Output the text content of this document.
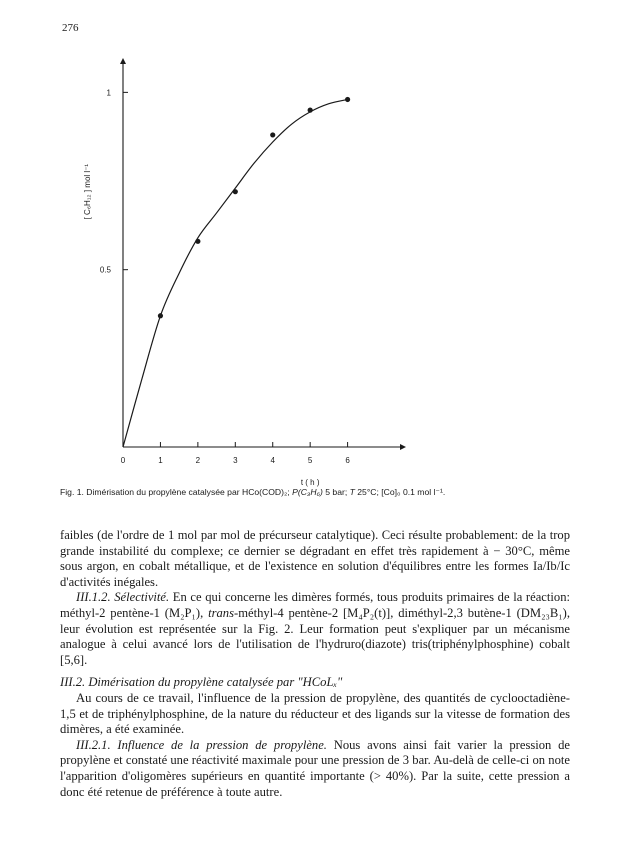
276
0	1	2	3	4	5	6
0.5
1
t ( h )
[ C₆H₁₂ ] mol l⁻¹
Fig. 1. Dimérisation du propylène catalysée par HCo(COD)₂; P(C₃H₆) 5 bar; T 25°C; [Co]₀ 0.1 mol l⁻¹.

faibles (de l'ordre de 1 mol par mol de précurseur catalytique). Ceci résulte probablement: de la trop grande instabilité du complexe; ce dernier se dégradant en effet très rapidement à − 30°C, même sous argon, en cobalt métallique, et de l'existence en solution d'équilibres entre les formes Ia/Ib/Ic d'activités inégales.

III.1.2. Sélectivité. En ce qui concerne les dimères formés, tous produits primaires de la réaction: méthyl-2 pentène-1 (M₂P₁), trans-méthyl-4 pentène-2 [M₄P₂(t)], diméthyl-2,3 butène-1 (DM₂₃B₁), leur évolution est représentée sur la Fig. 2. Leur formation peut s'expliquer par un mécanisme analogue à celui avancé lors de l'utilisation de l'hydruro(diazote) tris(triphénylphosphine) cobalt [5,6].

III.2. Dimérisation du propylène catalysée par "HCoLₓ"

Au cours de ce travail, l'influence de la pression de propylène, des quantités de cyclooctadiène-1,5 et de triphénylphosphine, de la nature du réducteur et des ligands sur la vitesse de formation des dimères, a été examinée.

III.2.1. Influence de la pression de propylène. Nous avons ainsi fait varier la pression de propylène et constaté une réactivité maximale pour une pression de 3 bar. Au-delà de celle-ci on note l'apparition d'oligomères supérieurs en quantité importante (> 40%). Par la suite, cette pression a donc été retenue de préférence à toute autre.
